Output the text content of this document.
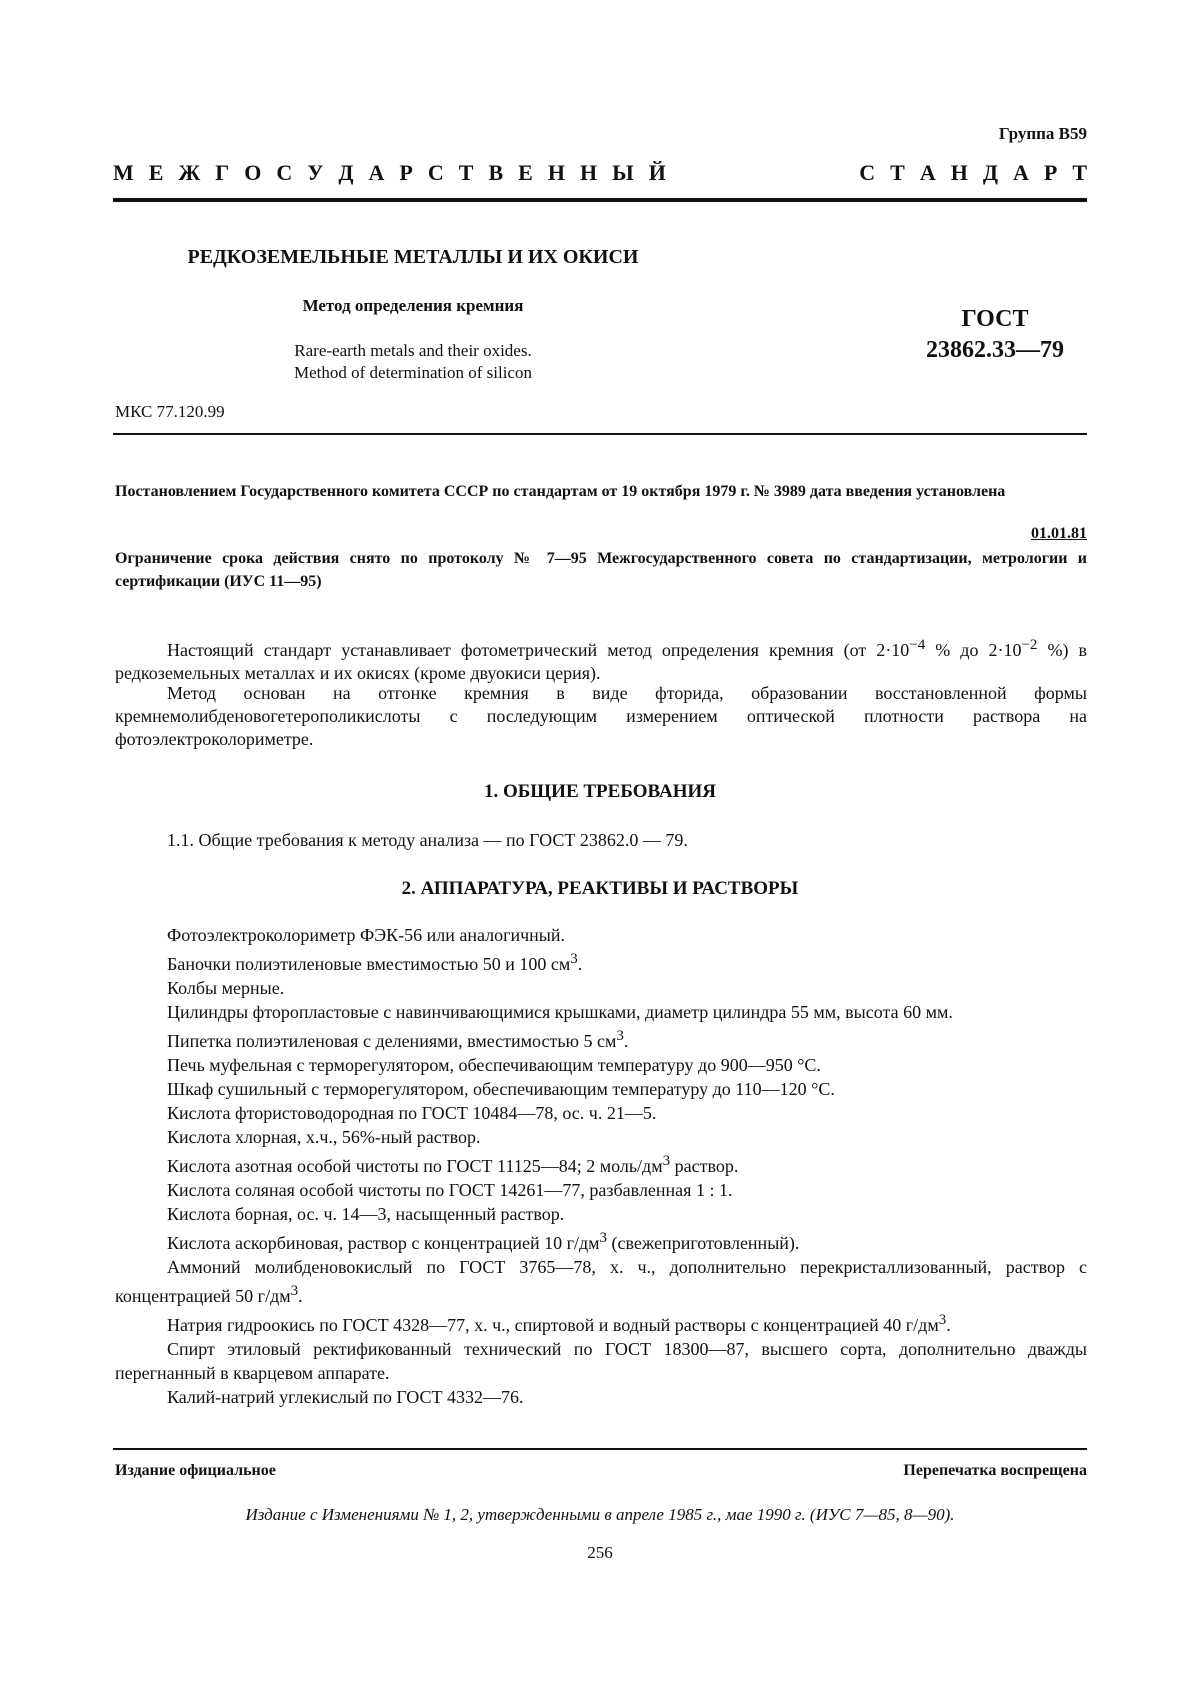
Группа В59
М Е Ж Г О С У Д А Р С Т В Е Н Н Ы Й	С Т А Н Д А Р Т
РЕДКОЗЕМЕЛЬНЫЕ МЕТАЛЛЫ И ИХ ОКИСИ
Метод определения кремния
Rare-earth metals and their oxides.
Method of determination of silicon
ГОСТ
23862.33—79
МКС 77.120.99
Постановлением Государственного комитета СССР по стандартам от 19 октября 1979 г. № 3989 дата введения установлена
01.01.81
Ограничение срока действия снято по протоколу № 7—95 Межгосударственного совета по стандартизации, метрологии и сертификации (ИУС 11—95)
Настоящий стандарт устанавливает фотометрический метод определения кремния (от $2\cdot 10^{-4}$ % до $2\cdot 10^{-2}$ %) в редкоземельных металлах и их окисях (кроме двуокиси церия).
Метод основан на отгонке кремния в виде фторида, образовании восстановленной формы кремнемолибденовогетерополикислоты с последующим измерением оптической плотности раствора на фотоэлектроколориметре.
1. ОБЩИЕ ТРЕБОВАНИЯ
1.1. Общие требования к методу анализа — по ГОСТ 23862.0 — 79.
2. АППАРАТУРА, РЕАКТИВЫ И РАСТВОРЫ

Фотоэлектроколориметр ФЭК-56 или аналогичный.

Баночки полиэтиленовые вместимостью 50 и 100 $см^3$.

Колбы мерные.

Цилиндры фторопластовые с навинчивающимися крышками, диаметр цилиндра 55 мм, высота 60 мм.

Пипетка полиэтиленовая с делениями, вместимостью 5 $см^3$.

Печь муфельная с терморегулятором, обеспечивающим температуру до 900—950 °С.

Шкаф сушильный с терморегулятором, обеспечивающим температуру до 110—120 °С.

Кислота фтористоводородная по ГОСТ 10484—78, ос. ч. 21—5.

Кислота хлорная, х.ч., 56%-ный раствор.

Кислота азотная особой чистоты по ГОСТ 11125—84; 2 моль/$дм^3$ раствор.

Кислота соляная особой чистоты по ГОСТ 14261—77, разбавленная 1 : 1.

Кислота борная, ос. ч. 14—3, насыщенный раствор.

Кислота аскорбиновая, раствор с концентрацией 10 $г/дм^3$ (свежеприготовленный).

Аммоний молибденовокислый по ГОСТ 3765—78, х. ч., дополнительно перекристаллизованный, раствор с концентрацией 50 $г/дм^3$.

Натрия гидроокись по ГОСТ 4328—77, х. ч., спиртовой и водный растворы с концентрацией 40 $г/дм^3$.

Спирт этиловый ректификованный технический по ГОСТ 18300—87, высшего сорта, дополнительно дважды перегнанный в кварцевом аппарате.

Калий-натрий углекислый по ГОСТ 4332—76.

Издание официальное	Перепечатка воспрещена
Издание с Изменениями № 1, 2, утвержденными в апреле 1985 г., мае 1990 г. (ИУС 7—85, 8—90).
256
